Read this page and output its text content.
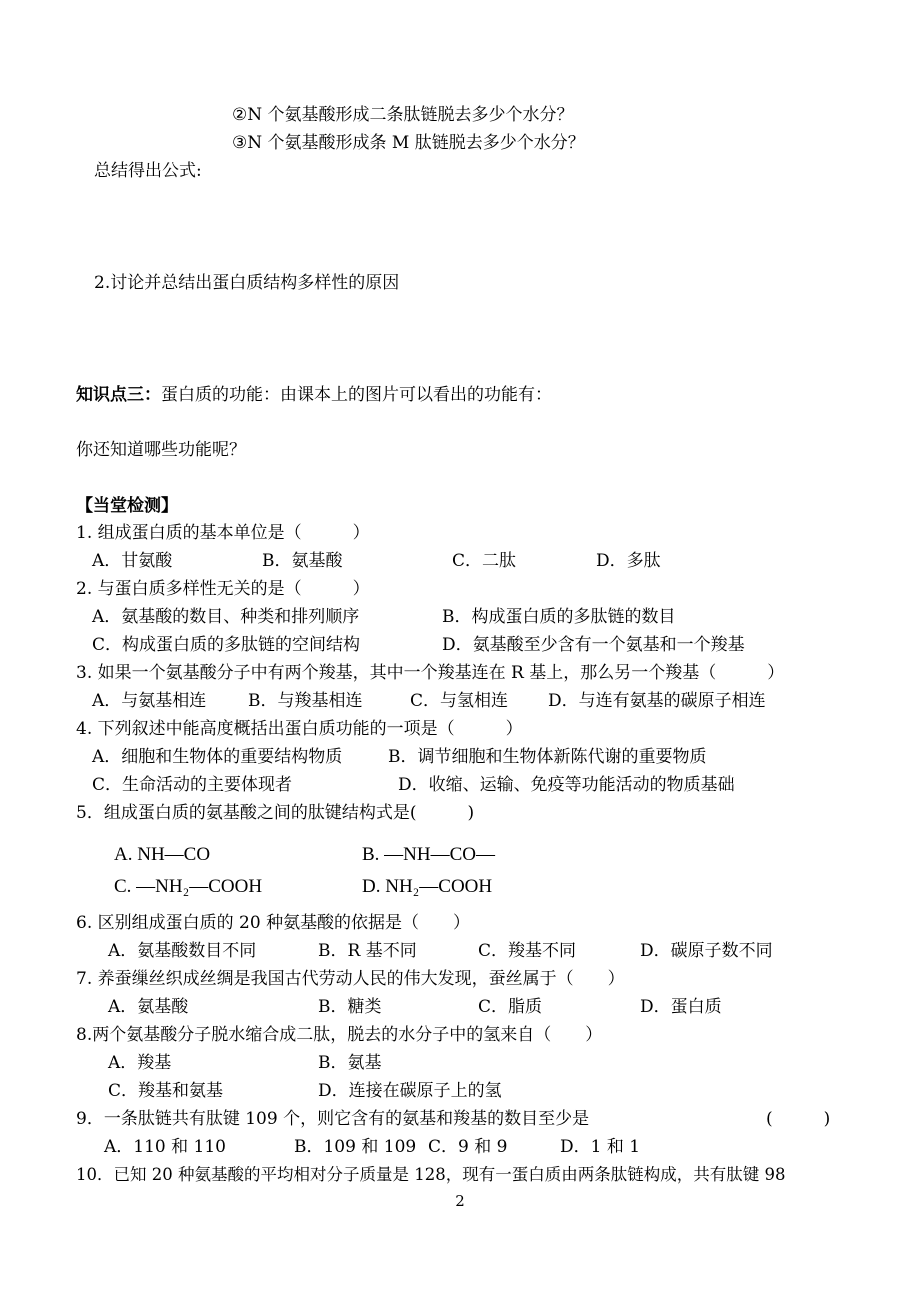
②N 个氨基酸形成二条肽链脱去多少个水分？
③N 个氨基酸形成条 M 肽链脱去多少个水分？
总结得出公式:
2.讨论并总结出蛋白质结构多样性的原因
知识点三：蛋白质的功能：由课本上的图片可以看出的功能有：
你还知道哪些功能呢？
【当堂检测】
1. 组成蛋白质的基本单位是（　　　）
A．甘氨酸	B．氨基酸	C．二肽	D．多肽
2. 与蛋白质多样性无关的是（　　　）
A．氨基酸的数目、种类和排列顺序	B．构成蛋白质的多肽链的数目
C．构成蛋白质的多肽链的空间结构	D．氨基酸至少含有一个氨基和一个羧基
3. 如果一个氨基酸分子中有两个羧基，其中一个羧基连在 R 基上，那么另一个羧基（　　　）
A．与氨基相连 B．与羧基相连	C．与氢相连 D．与连有氨基的碳原子相连
4. 下列叙述中能高度概括出蛋白质功能的一项是（　　　）
A．细胞和生物体的重要结构物质	B．调节细胞和生物体新陈代谢的重要物质
C．生命活动的主要体现者	D．收缩、运输、免疫等功能活动的物质基础
5．组成蛋白质的氨基酸之间的肽键结构式是(　　　)
A. NH—CO	B. —NH—CO—
C. —NH₂—COOH	D. NH₂—COOH
6. 区别组成蛋白质的 20 种氨基酸的依据是（　　）
A．氨基酸数目不同	B．R 基不同	C．羧基不同	D．碳原子数不同
7. 养蚕缫丝织成丝绸是我国古代劳动人民的伟大发现，蚕丝属于（　　）
A．氨基酸	B．糖类	C．脂质	D．蛋白质
8.两个氨基酸分子脱水缩合成二肽，脱去的水分子中的氢来自（　　）
A．羧基	B．氨基
C．羧基和氨基	D．连接在碳原子上的氢
9．一条肽链共有肽键 109 个，则它含有的氨基和羧基的数目至少是	(　　　)
A．110 和 110	B．109 和 109 C．9 和 9	D．1 和 1
10．已知 20 种氨基酸的平均相对分子质量是 128，现有一蛋白质由两条肽链构成，共有肽键 98
2
